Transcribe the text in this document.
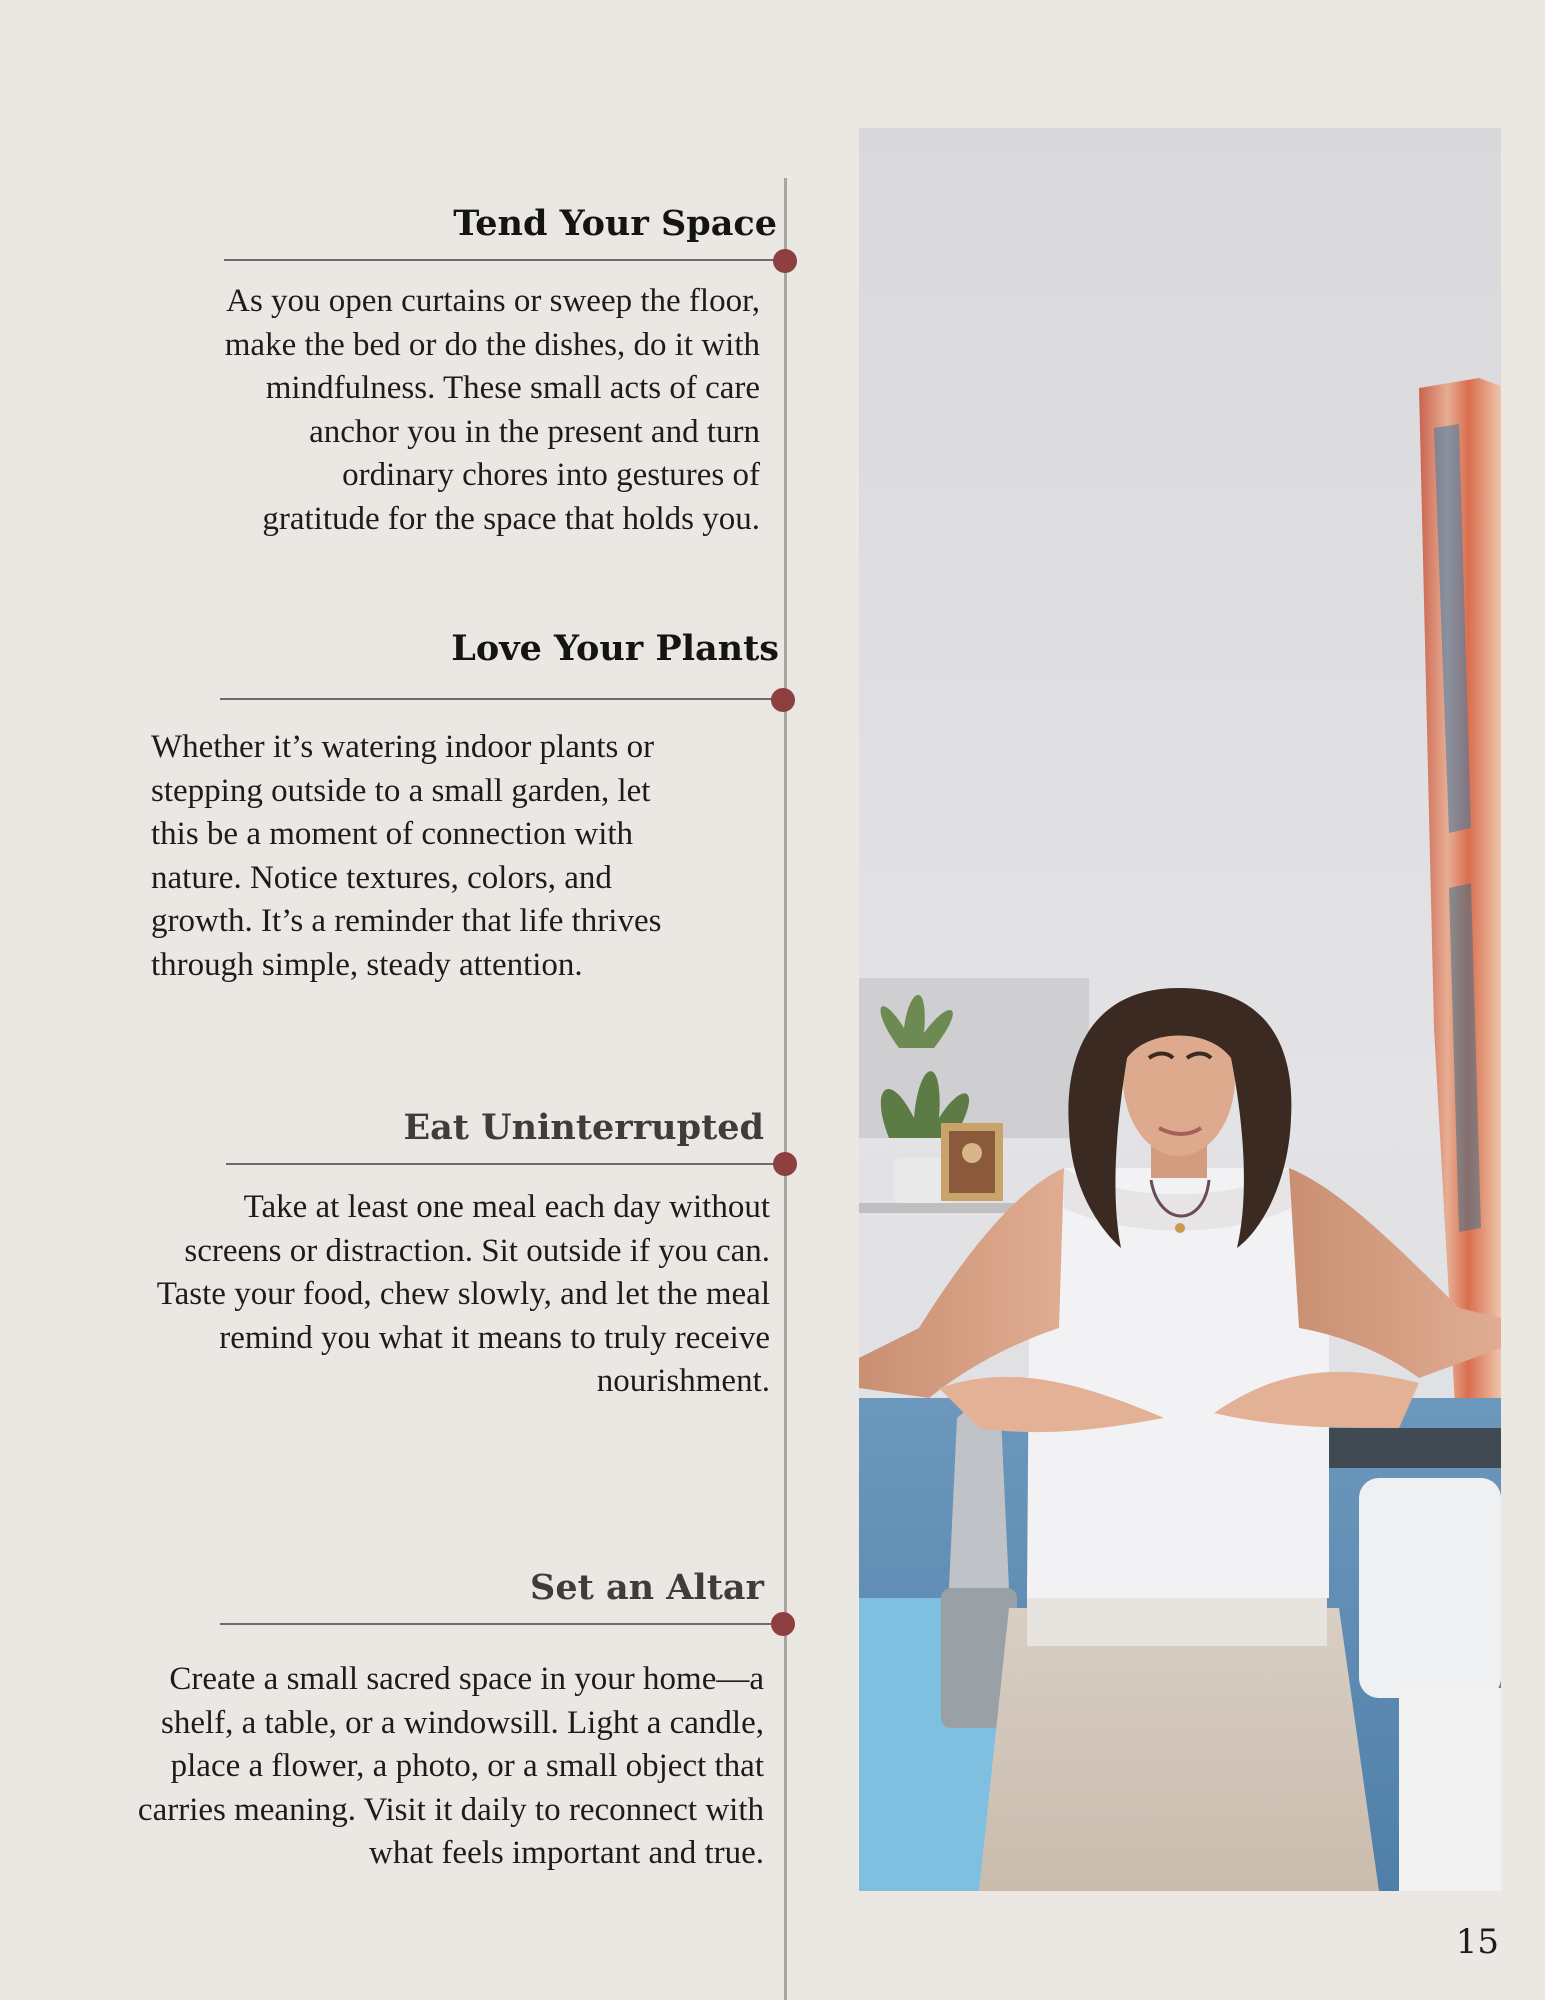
Tend Your Space

As you open curtains or sweep the floor,
make the bed or do the dishes, do it with
mindfulness. These small acts of care
anchor you in the present and turn
ordinary chores into gestures of
gratitude for the space that holds you.

Love Your Plants

Whether it’s watering indoor plants or
stepping outside to a small garden, let
this be a moment of connection with
nature. Notice textures, colors, and
growth. It’s a reminder that life thrives
through simple, steady attention.

Eat Uninterrupted

Take at least one meal each day without
screens or distraction. Sit outside if you can.
Taste your food, chew slowly, and let the meal
remind you what it means to truly receive
nourishment.

Set an Altar

Create a small sacred space in your home—a
shelf, a table, or a windowsill. Light a candle,
place a flower, a photo, or a small object that
carries meaning. Visit it daily to reconnect with
what feels important and true.

15
